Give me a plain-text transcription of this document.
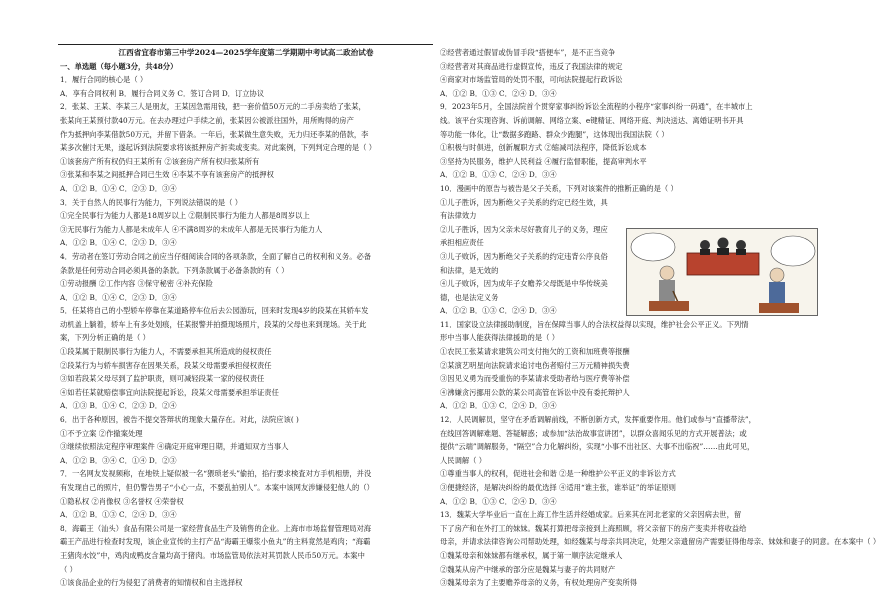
江西省宜春市第三中学2024—2025学年度第二学期期中考试高二政治试卷
一、单选题（每小题3分，共48分）
1．履行合同的核心是（ ）
A．享有合同权利 B．履行合同义务 C．签订合同 D．订立协议
2．张某、王某、李某三人是朋友，王某因急需用钱，把一套价值50万元的二手房卖给了张某，
张某向王某预付款40万元。在去办理过户手续之前，张某因公被派往国外，用所购得的房产
作为抵押向李某借款50万元，并留下借条。一年后，张某做生意失败，无力归还李某的借款，李
某多次催讨无果，遂起诉到法院要求将该抵押房产折卖或变卖。对此案例，下列判定合理的是（ ）
①该套房产所有权仍归王某所有 ②该套房产所有权归张某所有
③张某和李某之间抵押合同已生效 ④李某不享有该套房产的抵押权
A．①② B．①④ C．②③ D．③④
3．关于自然人的民事行为能力，下列说法错误的是（ ）
①完全民事行为能力人都是18周岁以上 ②限制民事行为能力人都是8周岁以上
③无民事行为能力人都是未成年人 ④不满8周岁的未成年人都是无民事行为能力人
A．①② B．①④ C．②③ D．③④
4．劳动者在签订劳动合同之前应当仔细阅读合同的各项条款，全面了解自己的权利和义务。必备
条款是任何劳动合同必须具备的条款。下列条款属于必备条款的有（ ）
①劳动报酬 ②工作内容 ③保守秘密 ④补充保险
A．①② B．①④ C．②③ D．③④
5．任某将自己的小型轿车停靠在某道路停车位后去公园游玩，回来时发现4岁的段某在其轿车发
动机盖上躺着，轿车上有多处划痕，任某报警并拍摄现场照片，段某的父母也来到现场。关于此
案，下列分析正确的是（ ）
①段某属于限制民事行为能力人，不需要承担其所造成的侵权责任
②段某行为与轿车损害存在因果关系，段某父母需要承担侵权责任
③如若段某父母尽到了监护职责，则可减轻段某一家的侵权责任
④如若任某就赔偿事宜向法院提起诉讼，段某父母需要承担举证责任
A．①③ B．①④ C．②③ D．②④
6．出于各种原因，被告不提交答辩状的现象大量存在。对此，法院应该( )
①不予立案 ②作撤案处理
③继续依照法定程序审理案件 ④确定开庭审理日期，并通知双方当事人
A．①② B．③④ C．①④ D．②③
7．一名网友发视频称，在地铁上疑似被一名“猥琐老头”偷拍，掐行要求検査对方手机相册，并没
有发现自己的照片，但仍警告男子“小心一点，不要乱拍别人”。本案中该网友涉嫌侵犯他人的（）
①隐私权 ②肖像权 ③名誉权 ④荣誉权
A．①② B．①③ C．②④ D．③④
8．海霸王（汕头）食品有限公司是一家经营食品生产及销售的企业。上海市市场监督管理局对海
霸王产品进行检查时发现，该企业宣传的主打产品“海霸王爆浆小鱼丸”的主料竟然是鸡肉；“海霸
王猪肉水饺”中，鸡肉成鸭皮含量均高于猪肉。市场监管局依法对其罚款人民币50万元。本案中
（ ）
①该食品企业的行为侵犯了消费者的知情权和自主选择权
②经营者通过假冒或伪冒手段“搭便车”，是不正当竞争
③经营者对其商品进行虚假宣传，违反了我国法律的规定
④商家对市场监管局的处罚不服，可向法院提起行政诉讼
A．①② B．①③ C．②④ D．③④
9．2023年5月，全国法院首个贯穿家事纠纷诉讼全流程的小程序“家事纠纷一码通”，在丰城市上
线。该平台实现咨询、诉前调解、网络立案、e键精证、网络开庭、判决送达、离婚证明书开具
等功能一体化，让“数据多跑路、群众少跑腿”，这体现出我国法院（ ）
①积极与时俱进，创新履职方式 ②缩减司法程序，降低诉讼成本
③坚持为民服务，维护人民利益 ④履行监督职能，提高审判水平
A．①② B．①③ C．②④ D．③④
10．漫画中的原告与被告是父子关系，下列对该案件的推断正确的是（ ）
①儿子胜诉，因为断绝父子关系的约定已经生效，具
有法律效力
②儿子胜诉，因为父亲未尽好教育儿子的义务，理应
承担相应责任
③儿子败诉，因为断绝父子关系的约定违背公序良俗
和法律，是无效的
④儿子败诉，因为成年子女赡养父母既是中华传统美
德，也是法定义务
A．①② B．①③ C．②④ D．③④
11．国家设立法律援助制度，旨在保障当事人的合法权益得以实现，维护社会公平正义。下列情
形中当事人能获得法律援助的是（ ）
①农民工张某请求建筑公司支付拖欠的工资和加班费等报酬
②某演艺明星向法院请求追讨电伤者赔付三万元精神损失费
③因见义勇为而受重伤的李某请求受助者给与医疗费等补偿
④沸嫌贪污挪用公款的某公司高管在诉讼中没有委托辩护人
A．①② B．①③ C．②④ D．③④
12．人民调解员，坚守在矛盾调解前线，不断创新方式，发挥重要作用。他们或参与“直播带法”，
在线回答调解难题、答疑解惑；或参加“法治故事宣讲团”，以群众喜闻乐见的方式开展普法；或
提供“云端”调解服务，“隔空”合力化解纠纷，实现“小事不出社区、大事不出临祝”……由此可见，
人民调解（ ）
①尊重当事人的权利，促进社会和谐 ②是一种维护公平正义的非诉讼方式
③便捷经济，是解决纠纷的最优选择 ④适用“谁主张，谁举证”的举证原则
A．①② B．①③ C．②④ D．③④
13．魏某大学毕业后一直在上海工作生活并经婚成家。后来其在河北老家的父亲因病去世，留
下了房产和在外打工的妹妹。魏某打算把母亲接到上海照顾，将父亲留下的房产变卖并将收益给
母亲，并请求法律咨询公司帮助处理，如经魏某与母亲共同决定，处理父亲遗留房产需要征得他母亲、妹妹和妻子的同意。在本案中（ ）
①魏某母亲和妹妹都有继承权，属于第一顺序法定继承人
②魏某从房产中继承的部分应是魏某与妻子的共同财产
③魏某母亲为了主要赡养母亲的义务，有权处理房产变卖所得
